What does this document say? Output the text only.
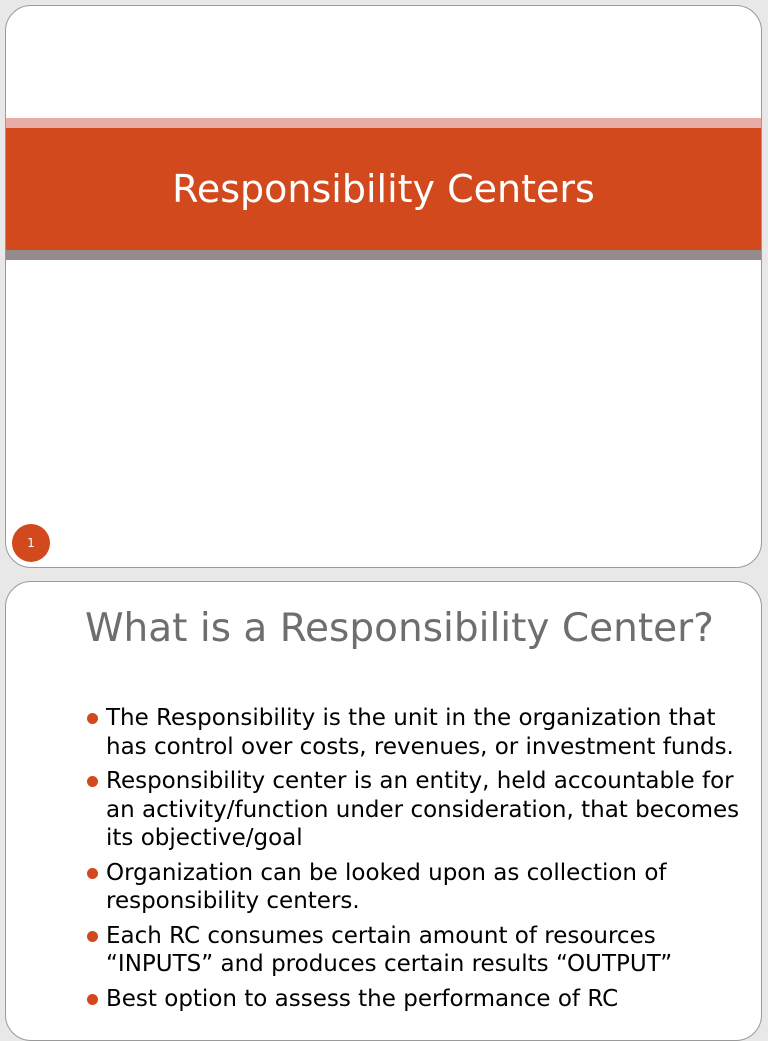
Responsibility Centers
1
What is a Responsibility Center?
The Responsibility is the unit in the organization that has control over costs, revenues, or investment funds.
Responsibility center is an entity, held accountable for an activity/function under consideration, that becomes its objective/goal
Organization can be looked upon as collection of responsibility centers.
Each RC consumes certain amount of resources “INPUTS” and produces certain results “OUTPUT”
Best option to assess the performance of RC
